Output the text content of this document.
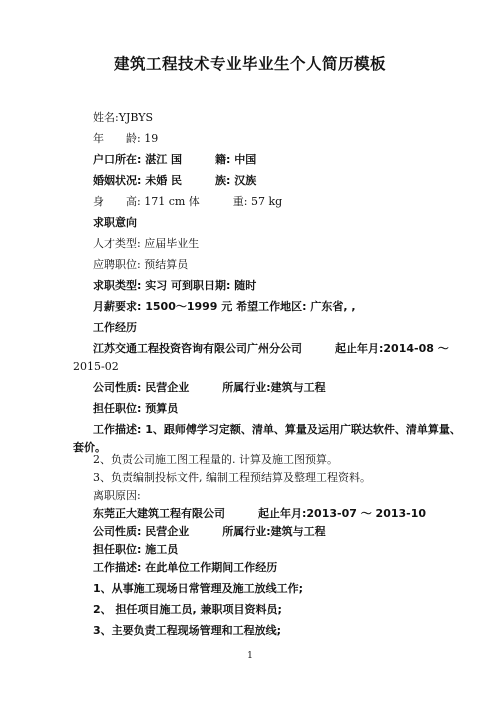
建筑工程技术专业毕业生个人简历模板
姓名:YJBYS
年　　龄: 19
户口所在: 湛江 国　　　籍: 中国
婚姻状况: 未婚 民　　　族: 汉族
身　　高: 171 cm 体　　　重: 57 kg
求职意向
人才类型: 应届毕业生
应聘职位: 预结算员
求职类型: 实习 可到职日期: 随时
月薪要求: 1500～1999 元 希望工作地区: 广东省, ,
工作经历
江苏交通工程投资咨询有限公司广州分公司　　　起止年月:2014-08 ～
2015-02
公司性质: 民营企业　　　所属行业:建筑与工程
担任职位: 预算员
工作描述: 1、跟师傅学习定额、清单、算量及运用广联达软件、清单算量、
套价。
2、负责公司施工图工程量的. 计算及施工图预算。
3、负责编制投标文件, 编制工程预结算及整理工程资料。
离职原因:
东莞正大建筑工程有限公司　　　起止年月:2013-07 ～ 2013-10
公司性质: 民营企业　　　所属行业:建筑与工程
担任职位: 施工员
工作描述: 在此单位工作期间工作经历
1、从事施工现场日常管理及施工放线工作;
2、 担任项目施工员, 兼职项目资料员;
1
3、主要负责工程现场管理和工程放线;
